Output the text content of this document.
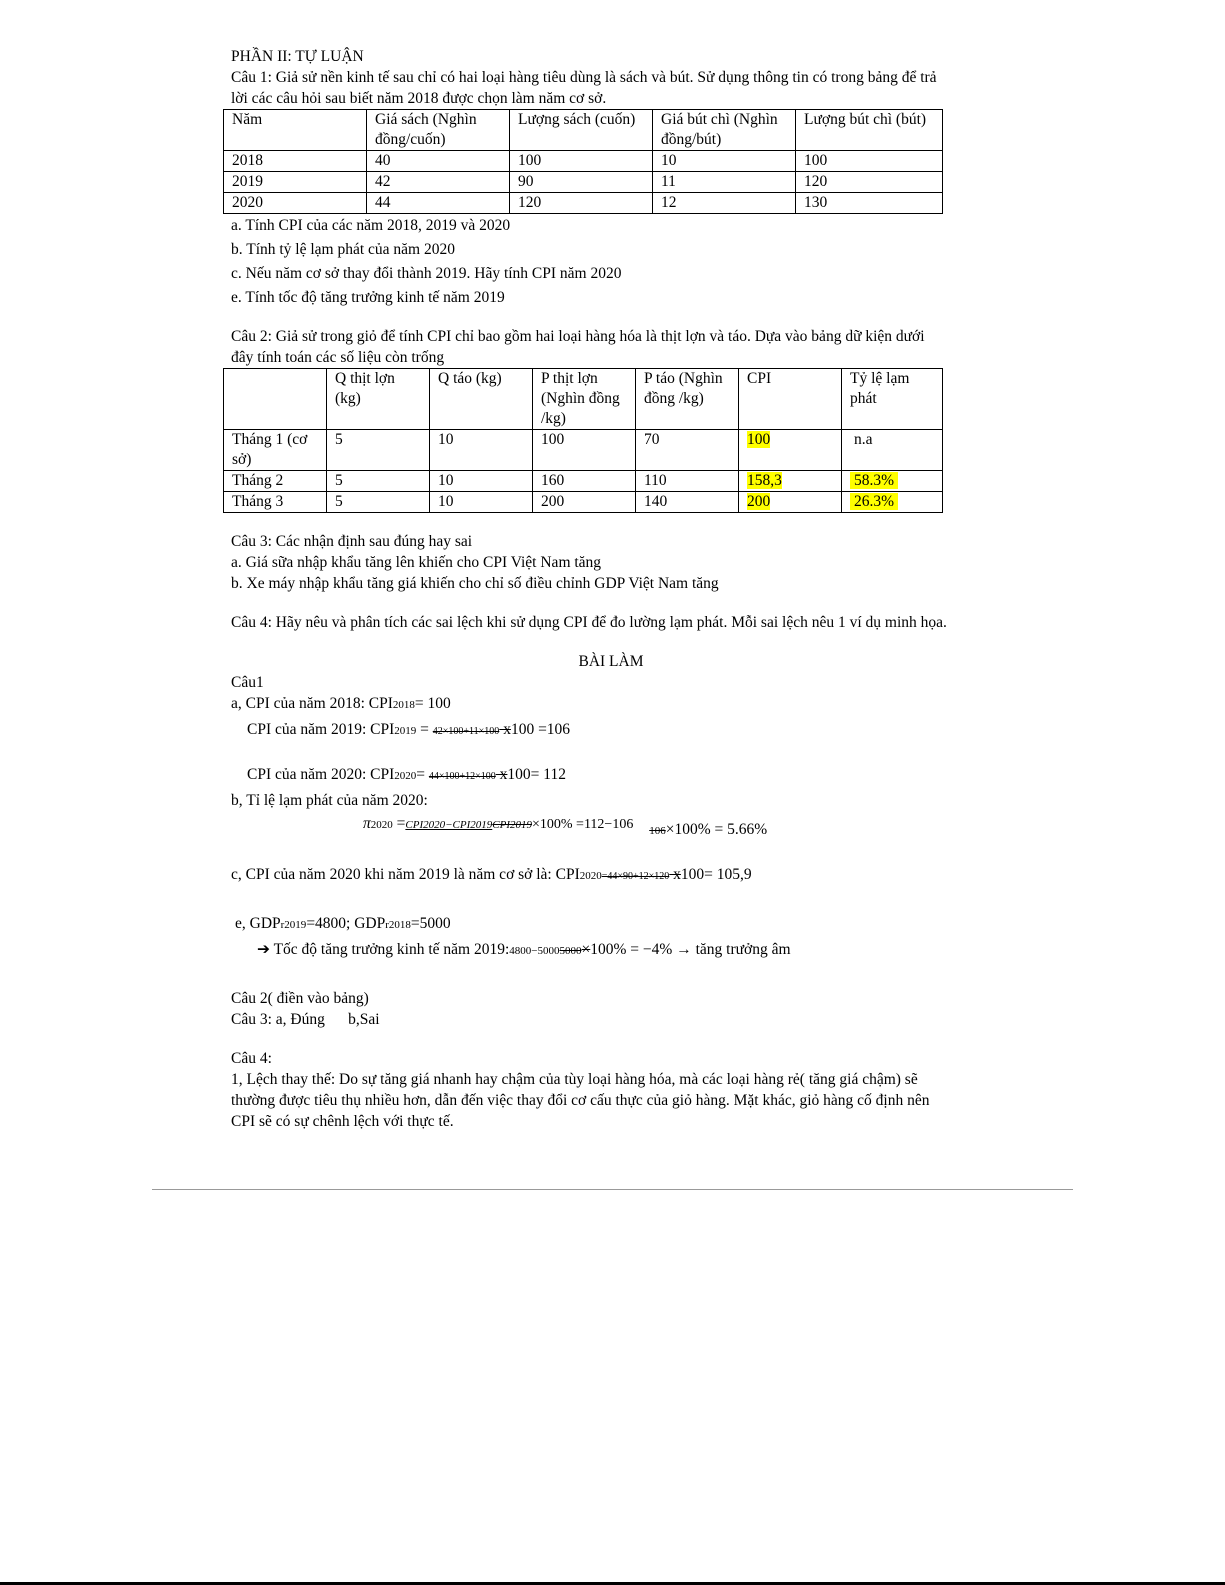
PHẦN II: TỰ LUẬN
Câu 1: Giả sử nền kinh tế sau chỉ có hai loại hàng tiêu dùng là sách và bút. Sử dụng thông tin có trong bảng để trả
lời các câu hỏi sau biết năm 2018 được chọn làm năm cơ sở.
Năm	Giá sách (Nghìn đồng/cuốn)	Lượng sách (cuốn)	Giá bút chì (Nghìn đồng/bút)	Lượng bút chì (bút)
2018	40	100	10	100
2019	42	90	11	120
2020	44	120	12	130
a. Tính CPI của các năm 2018, 2019 và 2020
b. Tính tỷ lệ lạm phát của năm 2020
c. Nếu năm cơ sở thay đổi thành 2019. Hãy tính CPI năm 2020
e. Tính tốc độ tăng trưởng kinh tế năm 2019
Câu 2: Giả sử trong giỏ để tính CPI chỉ bao gồm hai loại hàng hóa là thịt lợn và táo. Dựa vào bảng dữ kiện dưới
đây tính toán các số liệu còn trống
	Q thịt lợn (kg)	Q táo (kg)	P thịt lợn (Nghìn đồng /kg)	P táo (Nghìn đồng /kg)	CPI	Tỷ lệ lạm phát
Tháng 1 (cơ sở)	5	10	100	70	100	n.a
Tháng 2	5	10	160	110	158,3	58.3%
Tháng 3	5	10	200	140	200	26.3%
Câu 3: Các nhận định sau đúng hay sai
a. Giá sữa nhập khẩu tăng lên khiến cho CPI Việt Nam tăng
b. Xe máy nhập khẩu tăng giá khiến cho chỉ số điều chỉnh GDP Việt Nam tăng
Câu 4: Hãy nêu và phân tích các sai lệch khi sử dụng CPI để đo lường lạm phát. Mỗi sai lệch nêu 1 ví dụ minh họa.
BÀI LÀM
Câu1
a, CPI của năm 2018: CPI2018= 100
CPI của năm 2019: CPI2019 = 42×100+11×100 x100 =106
CPI của năm 2020: CPI2020= 44×100+12×100 x100= 112
b, Tỉ lệ lạm phát của năm 2020:
π2020 =CPI2020−CPI2019CPI2019×100% =112−106 $_{106}$×100% = 5.66%
c, CPI của năm 2020 khi năm 2019 là năm cơ sở là: CPI2020=44×90+12×120 x100= 105,9
e, GDPr2019=4800; GDPr2018=5000
➔ Tốc độ tăng trưởng kinh tế năm 2019:4800−50005000×100% = −4% → tăng trưởng âm
Câu 2( điền vào bảng)
Câu 3: a, Đúng      b,Sai
Câu 4:
1, Lệch thay thế: Do sự tăng giá nhanh hay chậm của tùy loại hàng hóa, mà các loại hàng rẻ( tăng giá chậm) sẽ
thường được tiêu thụ nhiều hơn, dẫn đến việc thay đổi cơ cấu thực của giỏ hàng. Mặt khác, giỏ hàng cố định nên
CPI sẽ có sự chênh lệch với thực tế.
